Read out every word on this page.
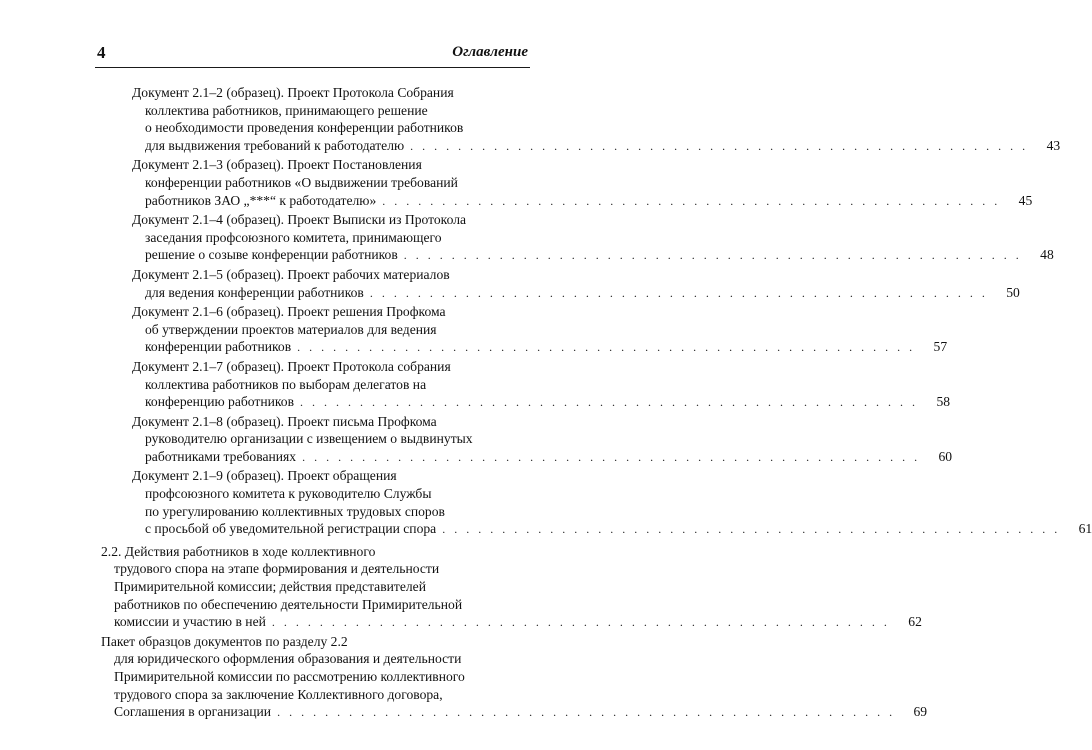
4	Оглавление
Документ 2.1–2 (образец). Проект Протокола Собрания
коллектива работников, принимающего решение
о необходимости проведения конференции работников
для выдвижения требований к работодателю . . . . . . . . . . . . . . . . . . . . . . . . . . . . . . . . . . . . . . . . . . . . . . . . . . . .	43
Документ 2.1–3 (образец). Проект Постановления
конференции работников «О выдвижении требований
работников ЗАО „***“ к работодателю» . . . . . . . . . . . . . . . . . . . . . . . . . . . . . . . . . . . . . . . . . . . . . . . . . . . .	45
Документ 2.1–4 (образец). Проект Выписки из Протокола
заседания профсоюзного комитета, принимающего
решение о созыве конференции работников . . . . . . . . . . . . . . . . . . . . . . . . . . . . . . . . . . . . . . . . . . . . . . . . . . . .	48
Документ 2.1–5 (образец). Проект рабочих материалов
для ведения конференции работников . . . . . . . . . . . . . . . . . . . . . . . . . . . . . . . . . . . . . . . . . . . . . . . . . . . .	50
Документ 2.1–6 (образец). Проект решения Профкома
об утверждении проектов материалов для ведения
конференции работников . . . . . . . . . . . . . . . . . . . . . . . . . . . . . . . . . . . . . . . . . . . . . . . . . . . .	57
Документ 2.1–7 (образец). Проект Протокола собрания
коллектива работников по выборам делегатов на
конференцию работников . . . . . . . . . . . . . . . . . . . . . . . . . . . . . . . . . . . . . . . . . . . . . . . . . . . .	58
Документ 2.1–8 (образец). Проект письма Профкома
руководителю организации с извещением о выдвинутых
работниками требованиях . . . . . . . . . . . . . . . . . . . . . . . . . . . . . . . . . . . . . . . . . . . . . . . . . . . .	60
Документ 2.1–9 (образец). Проект обращения
профсоюзного комитета к руководителю Службы
по урегулированию коллективных трудовых споров
с просьбой об уведомительной регистрации спора . . . . . . . . . . . . . . . . . . . . . . . . . . . . . . . . . . . . . . . . . . . . . . . . . . . .	61
2.2. Действия работников в ходе коллективного
трудового спора на этапе формирования и деятельности
Примирительной комиссии; действия представителей
работников по обеспечению деятельности Примирительной
комиссии и участию в ней . . . . . . . . . . . . . . . . . . . . . . . . . . . . . . . . . . . . . . . . . . . . . . . . . . . .	62
Пакет образцов документов по разделу 2.2
для юридического оформления образования и деятельности
Примирительной комиссии по рассмотрению коллективного
трудового спора за заключение Коллективного договора,
Соглашения в организации . . . . . . . . . . . . . . . . . . . . . . . . . . . . . . . . . . . . . . . . . . . . . . . . . . . .	69
